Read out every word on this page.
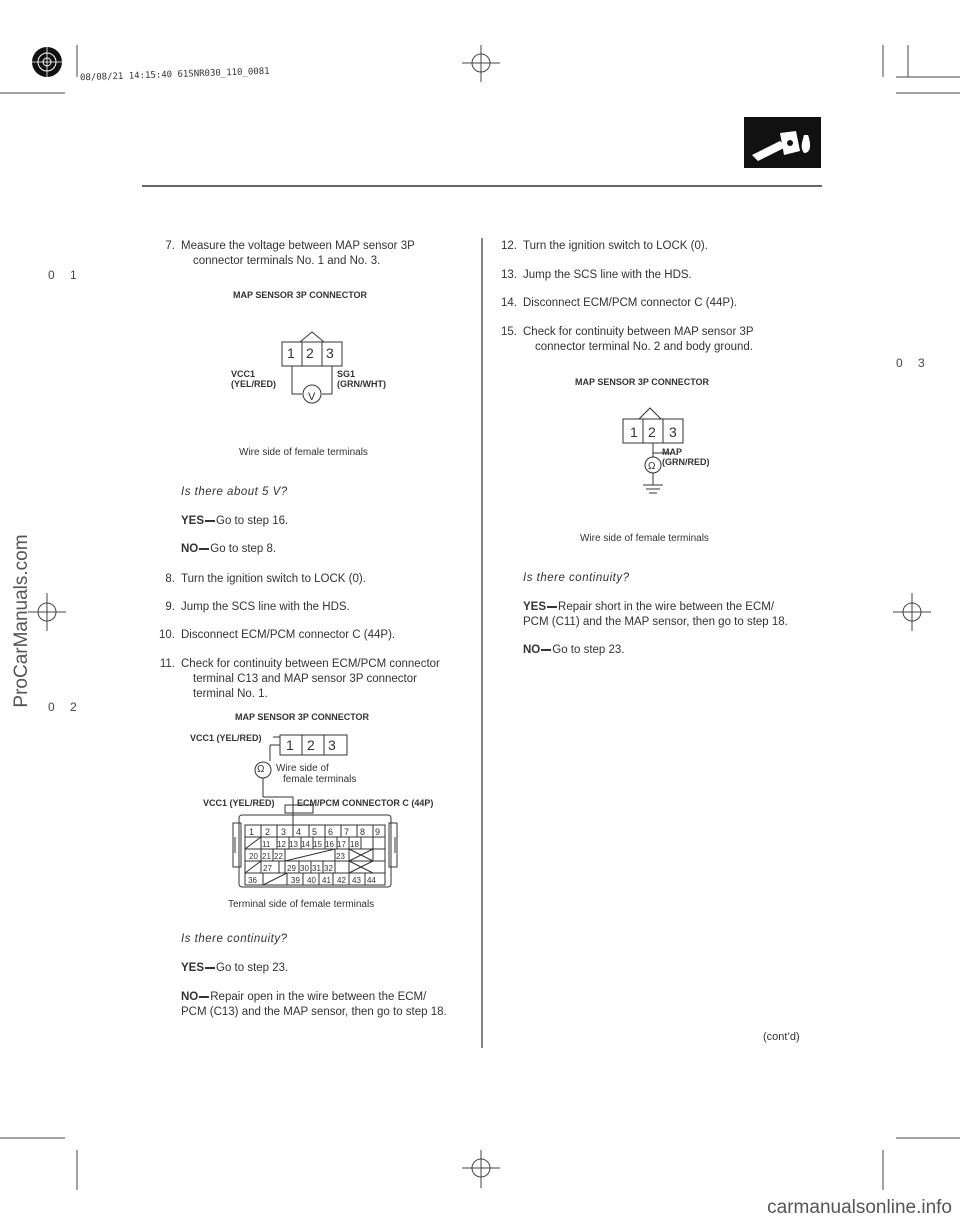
08/08/21 14:15:40 61SNR030_110_0081
0 1
0 2
0 3
7. Measure the voltage between MAP sensor 3P
connector terminals No. 1 and No. 3.
MAP SENSOR 3P CONNECTOR
V
1 2 3
VCC1
(YEL/RED)
SG1
(GRN/WHT)
Wire side of female terminals
Is there about 5 V?
YES Go to step 16.
NO Go to step 8.
8. Turn the ignition switch to LOCK (0).
9. Jump the SCS line with the HDS.
10. Disconnect ECM/PCM connector C (44P).
11. Check for continuity between ECM/PCM connector
terminal C13 and MAP sensor 3P connector
terminal No. 1.
MAP SENSOR 3P CONNECTOR
VCC1 (YEL/RED) 1 2 3
Wire side of
female terminals
Ω
VCC1 (YEL/RED) ECM/PCM CONNECTOR C (44P)
1 2 3 4 5 6 7 8 9
11 12 13 14 15 16 17 18
20 21 22	23
27 29 30 31 32
36	39 40 41 42 43 44
Terminal side of female terminals
Is there continuity?
YES Go to step 23.
NO Repair open in the wire between the ECM/
PCM (C13) and the MAP sensor, then go to step 18.
12. Turn the ignition switch to LOCK (0).
13. Jump the SCS line with the HDS.
14. Disconnect ECM/PCM connector C (44P).
15. Check for continuity between MAP sensor 3P
connector terminal No. 2 and body ground.
MAP SENSOR 3P CONNECTOR
Ω
1 2 3
MAP
(GRN/RED)
Wire side of female terminals
Is there continuity?
YES Repair short in the wire between the ECM/
PCM (C11) and the MAP sensor, then go to step 18.
NO Go to step 23.
(cont’d)
ProCarManuals.com
carmanualsonline.info
